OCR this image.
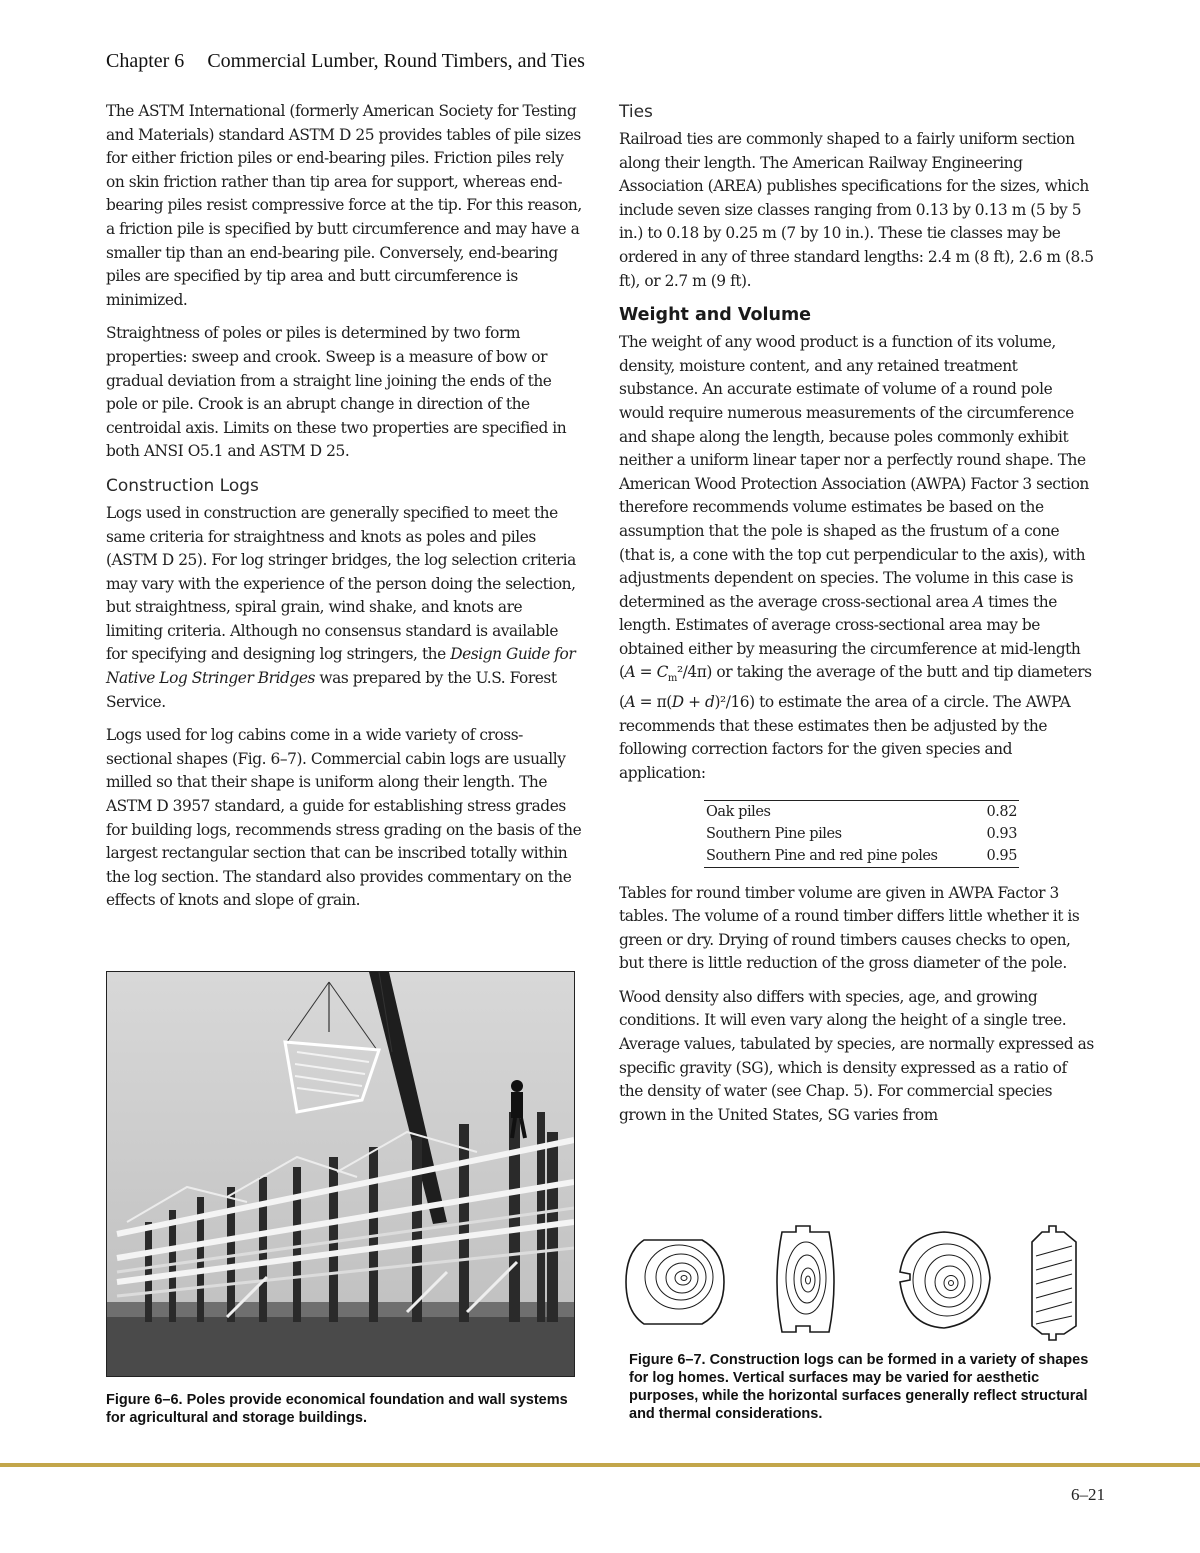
Chapter 6 Commercial Lumber, Round Timbers, and Ties

The ASTM International (formerly American Society for Testing and Materials) standard ASTM D 25 provides tables of pile sizes for either friction piles or end-bearing piles. Friction piles rely on skin friction rather than tip area for support, whereas end-bearing piles resist compressive force at the tip. For this reason, a friction pile is specified by butt circumference and may have a smaller tip than an end-bearing pile. Conversely, end-bearing piles are specified by tip area and butt circumference is minimized.

Straightness of poles or piles is determined by two form properties: sweep and crook. Sweep is a measure of bow or gradual deviation from a straight line joining the ends of the pole or pile. Crook is an abrupt change in direction of the centroidal axis. Limits on these two properties are specified in both ANSI O5.1 and ASTM D 25.

Construction Logs

Logs used in construction are generally specified to meet the same criteria for straightness and knots as poles and piles (ASTM D 25). For log stringer bridges, the log selection criteria may vary with the experience of the person doing the selection, but straightness, spiral grain, wind shake, and knots are limiting criteria. Although no consensus standard is available for specifying and designing log stringers, the Design Guide for Native Log Stringer Bridges was prepared by the U.S. Forest Service.

Logs used for log cabins come in a wide variety of cross-sectional shapes (Fig. 6–7). Commercial cabin logs are usually milled so that their shape is uniform along their length. The ASTM D 3957 standard, a guide for establishing stress grades for building logs, recommends stress grading on the basis of the largest rectangular section that can be inscribed totally within the log section. The standard also provides commentary on the effects of knots and slope of grain.

Ties

Railroad ties are commonly shaped to a fairly uniform section along their length. The American Railway Engineering Association (AREA) publishes specifications for the sizes, which include seven size classes ranging from 0.13 by 0.13 m (5 by 5 in.) to 0.18 by 0.25 m (7 by 10 in.). These tie classes may be ordered in any of three standard lengths: 2.4 m (8 ft), 2.6 m (8.5 ft), or 2.7 m (9 ft).

Weight and Volume

The weight of any wood product is a function of its volume, density, moisture content, and any retained treatment substance. An accurate estimate of volume of a round pole would require numerous measurements of the circumference and shape along the length, because poles commonly exhibit neither a uniform linear taper nor a perfectly round shape. The American Wood Protection Association (AWPA) Factor 3 section therefore recommends volume estimates be based on the assumption that the pole is shaped as the frustum of a cone (that is, a cone with the top cut perpendicular to the axis), with adjustments dependent on species. The volume in this case is determined as the average cross-sectional area A times the length. Estimates of average cross-sectional area may be obtained either by measuring the circumference at mid-length $(A = C_m^2/4\pi)$ or taking the average of the butt and tip diameters (A = π(D + d)²/16) to estimate the area of a circle. The AWPA recommends that these estimates then be adjusted by the following correction factors for the given species and application:

Oak piles	0.82
Southern Pine piles	0.93
Southern Pine and red pine poles	0.95

Tables for round timber volume are given in AWPA Factor 3 tables. The volume of a round timber differs little whether it is green or dry. Drying of round timbers causes checks to open, but there is little reduction of the gross diameter of the pole.

Wood density also differs with species, age, and growing conditions. It will even vary along the height of a single tree. Average values, tabulated by species, are normally expressed as specific gravity (SG), which is density expressed as a ratio of the density of water (see Chap. 5). For commercial species grown in the United States, SG varies from

Figure 6–6. Poles provide economical foundation and wall systems for agricultural and storage buildings.
Figure 6–7. Construction logs can be formed in a variety of shapes for log homes. Vertical surfaces may be varied for aesthetic purposes, while the horizontal surfaces generally reflect structural and thermal considerations.
6–21
